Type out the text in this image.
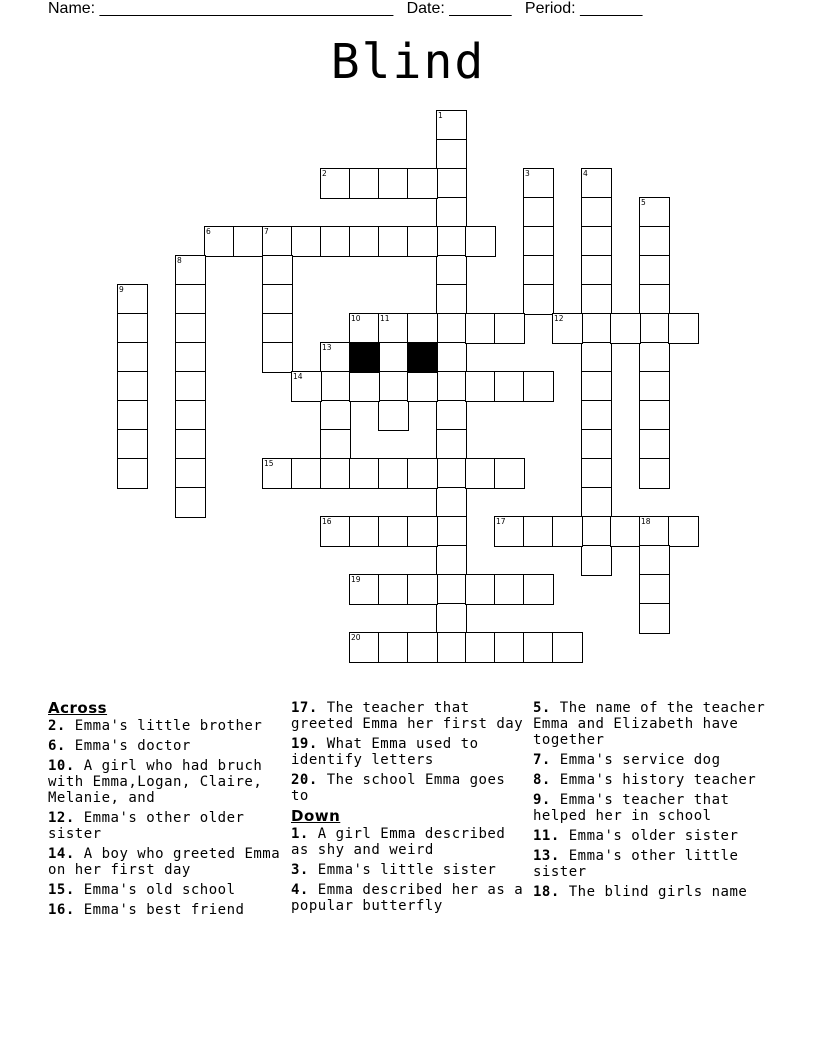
Name: _________________________________ Date: _______ Period: _______
Blind
1
2	3	4
5
6	7
8
9
10	11	12
13
14
15
16	17	18
19
20
Across
2. Emma's little brother
6. Emma's doctor
10. A girl who had bruch with Emma,Logan, Claire, Melanie, and
12. Emma's other older sister
14. A boy who greeted Emma on her first day
15. Emma's old school
16. Emma's best friend
17. The teacher that greeted Emma her first day
19. What Emma used to identify letters
20. The school Emma goes to
Down
1. A girl Emma described as shy and weird
3. Emma's little sister
4. Emma described her as a popular butterfly
5. The name of the teacher Emma and Elizabeth have together
7. Emma's service dog
8. Emma's history teacher
9. Emma's teacher that helped her in school
11. Emma's older sister
13. Emma's other little sister
18. The blind girls name
